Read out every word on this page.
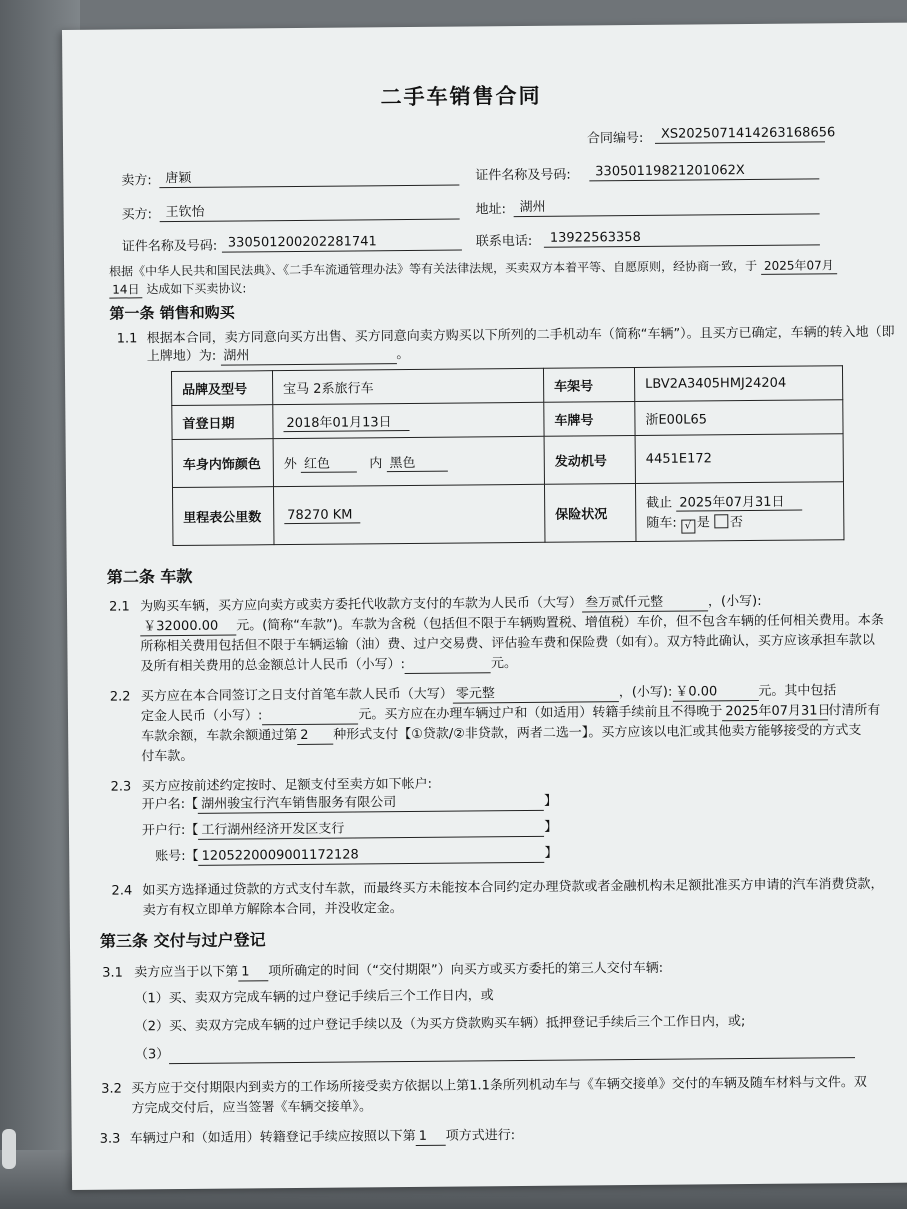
二手车销售合同
合同编号:	XS2025071414263168656
卖方:	唐颖	证件名称及号码:	33050119821201062X
买方:	王钦怡	地址:	湖州
证件名称及号码: 330501200202281741	联系电话:	13922563358
根据《中华人民共和国民法典》、《二手车流通管理办法》等有关法律法规，买卖双方本着平等、自愿原则，经协商一致，于 2025年07月
14日 达成如下买卖协议:
第一条 销售和购买
1.1 根据本合同，卖方同意向买方出售、买方同意向卖方购买以下所列的二手机动车（简称“车辆”）。且买方已确定，车辆的转入地（即
上牌地）为: 湖州	。
品牌及型号	宝马 2系旅行车	车架号	LBV2A3405HMJ24204
首登日期	2018年01月13日	车牌号	浙E00L65
车身内饰颜色	外 红色 内 黑色	发动机号	4451E172
里程表公里数	78270 KM	保险状况	截止 2025年07月31日
随车: √ 是 否
第二条 车款
2.1 为购买车辆，买方应向卖方或卖方委托代收款方支付的车款为人民币（大写） 叁万贰仟元整	，(小写):
￥32000.00 元。(简称“车款”)。车款为含税（包括但不限于车辆购置税、增值税）车价，但不包含车辆的任何相关费用。本条
所称相关费用包括但不限于车辆运输（油）费、过户交易费、评估验车费和保险费（如有）。双方特此确认，买方应该承担车款以
及所有相关费用的总金额总计人民币（小写）:	元。
2.2 买方应在本合同签订之日支付首笔车款人民币（大写） 零元整	，(小写): ￥0.00	元。其中包括
定金人民币（小写）:	元。买方应在办理车辆过户和（如适用）转籍手续前且不得晚于 2025年07月31日付清所有
车款余额，车款余额通过第 2 种形式支付【①贷款/②非贷款，两者二选一】。买方应该以电汇或其他卖方能够接受的方式支
付车款。
2.3 买方应按前述约定按时、足额支付至卖方如下帐户:
开户名:【 湖州骏宝行汽车销售服务有限公司	】
开户行:【 工行湖州经济开发区支行	】
账号:【 1205220009001172128	】
2.4 如买方选择通过贷款的方式支付车款，而最终买方未能按本合同约定办理贷款或者金融机构未足额批准买方申请的汽车消费贷款，
卖方有权立即单方解除本合同，并没收定金。
第三条 交付与过户登记
3.1 卖方应当于以下第 1 项所确定的时间（“交付期限”）向买方或买方委托的第三人交付车辆:
（1）买、卖双方完成车辆的过户登记手续后三个工作日内，或
（2）买、卖双方完成车辆的过户登记手续以及（为买方贷款购买车辆）抵押登记手续后三个工作日内，或;
（3）
3.2 买方应于交付期限内到卖方的工作场所接受卖方依据以上第1.1条所列机动车与《车辆交接单》交付的车辆及随车材料与文件。双
方完成交付后，应当签署《车辆交接单》。
3.3 车辆过户和（如适用）转籍登记手续应按照以下第 1 项方式进行:
